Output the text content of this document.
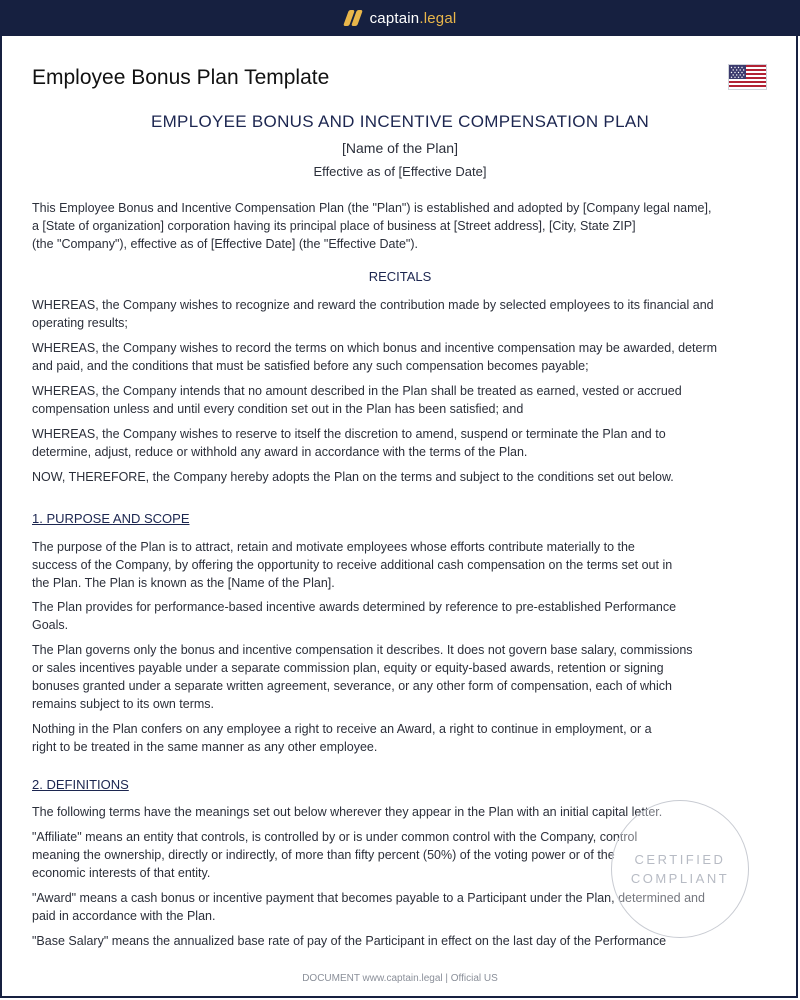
captain.legal
Employee Bonus Plan Template
EMPLOYEE BONUS AND INCENTIVE COMPENSATION PLAN
[Name of the Plan]
Effective as of [Effective Date]

This Employee Bonus and Incentive Compensation Plan (the "Plan") is established and adopted by [Company legal name],
a [State of organization] corporation having its principal place of business at [Street address], [City, State ZIP]
(the "Company"), effective as of [Effective Date] (the "Effective Date").

RECITALS

WHEREAS, the Company wishes to recognize and reward the contribution made by selected employees to its financial and
operating results;

WHEREAS, the Company wishes to record the terms on which bonus and incentive compensation may be awarded, determ
and paid, and the conditions that must be satisfied before any such compensation becomes payable;

WHEREAS, the Company intends that no amount described in the Plan shall be treated as earned, vested or accrued
compensation unless and until every condition set out in the Plan has been satisfied; and

WHEREAS, the Company wishes to reserve to itself the discretion to amend, suspend or terminate the Plan and to
determine, adjust, reduce or withhold any award in accordance with the terms of the Plan.

NOW, THEREFORE, the Company hereby adopts the Plan on the terms and subject to the conditions set out below.

1. PURPOSE AND SCOPE

The purpose of the Plan is to attract, retain and motivate employees whose efforts contribute materially to the
success of the Company, by offering the opportunity to receive additional cash compensation on the terms set out in
the Plan. The Plan is known as the [Name of the Plan].

The Plan provides for performance-based incentive awards determined by reference to pre-established Performance
Goals.

The Plan governs only the bonus and incentive compensation it describes. It does not govern base salary, commissions
or sales incentives payable under a separate commission plan, equity or equity-based awards, retention or signing
bonuses granted under a separate written agreement, severance, or any other form of compensation, each of which
remains subject to its own terms.

Nothing in the Plan confers on any employee a right to receive an Award, a right to continue in employment, or a
right to be treated in the same manner as any other employee.

2. DEFINITIONS

The following terms have the meanings set out below wherever they appear in the Plan with an initial capital letter.

"Affiliate" means an entity that controls, is controlled by or is under common control with the Company, control
meaning the ownership, directly or indirectly, of more than fifty percent (50%) of the voting power or of the
economic interests of that entity.

"Award" means a cash bonus or incentive payment that becomes payable to a Participant under the Plan, determined and
paid in accordance with the Plan.

"Base Salary" means the annualized base rate of pay of the Participant in effect on the last day of the Performance

CERTIFIED
COMPLIANT
DOCUMENT www.captain.legal | Official US
